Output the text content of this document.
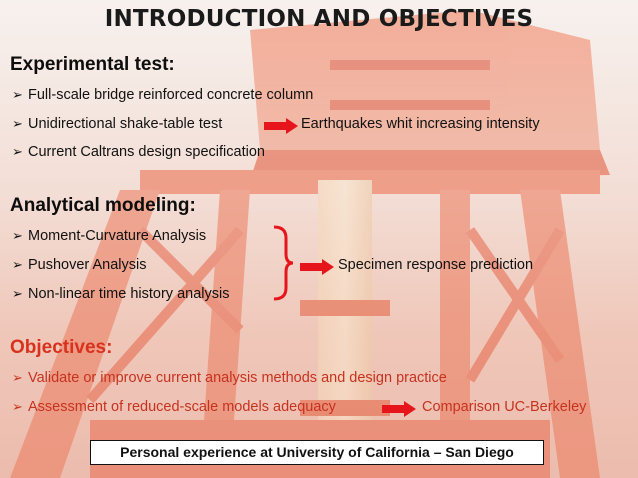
INTRODUCTION AND OBJECTIVES
Experimental test:
➢ Full-scale bridge reinforced concrete column
➢ Unidirectional shake-table test	Earthquakes whit increasing intensity
➢ Current Caltrans design specification
Analytical modeling:
➢ Moment-Curvature Analysis
➢ Pushover Analysis
➢ Non-linear time history analysis
Specimen response prediction
Objectives:
➢ Validate or improve current analysis methods and design practice
➢ Assessment of reduced-scale models adequacy	Comparison UC-Berkeley
Personal experience at University of California – San Diego
